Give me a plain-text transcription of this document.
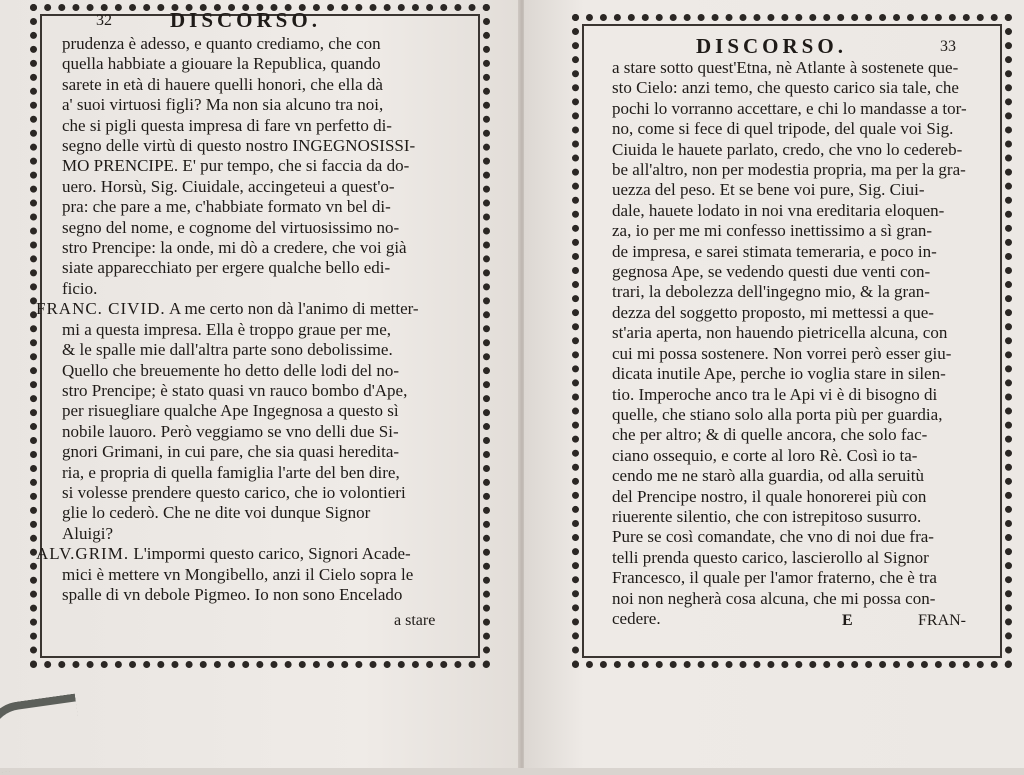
32	DISCORSO.
prudenza è adesso, e quanto crediamo, che con
quella habbiate a giouare la Republica, quando
sarete in età di hauere quelli honori, che ella dà
a' suoi virtuosi figli? Ma non sia alcuno tra noi,
che si pigli questa impresa di fare vn perfetto di-
segno delle virtù di questo nostro INGEGNOSISSI-
MO PRENCIPE. E' pur tempo, che si faccia da do-
uero. Horsù, Sig. Ciuidale, accingeteui a quest'o-
pra: che pare a me, c'habbiate formato vn bel di-
segno del nome, e cognome del virtuosissimo no-
stro Prencipe: la onde, mi dò a credere, che voi già
siate apparecchiato per ergere qualche bello edi-
ficio.
FRANC. CIVID. A me certo non dà l'animo di metter-
mi a questa impresa. Ella è troppo graue per me,
& le spalle mie dall'altra parte sono debolissime.
Quello che breuemente ho detto delle lodi del no-
stro Prencipe; è stato quasi vn rauco bombo d'Ape,
per risuegliare qualche Ape Ingegnosa a questo sì
nobile lauoro. Però veggiamo se vno delli due Si-
gnori Grimani, in cui pare, che sia quasi heredita-
ria, e propria di quella famiglia l'arte del ben dire,
si volesse prendere questo carico, che io volontieri
glie lo cederò. Che ne dite voi dunque Signor
Aluigi?
ALV.GRIM. L'impormi questo carico, Signori Acade-
mici è mettere vn Mongibello, anzi il Cielo sopra le
spalle di vn debole Pigmeo. Io non sono Encelado
a stare
DISCORSO.	33
a stare sotto quest'Etna, nè Atlante à sostenete que-
sto Cielo: anzi temo, che questo carico sia tale, che
pochi lo vorranno accettare, e chi lo mandasse a tor-
no, come si fece di quel tripode, del quale voi Sig.
Ciuida le hauete parlato, credo, che vno lo cedereb-
be all'altro, non per modestia propria, ma per la gra-
uezza del peso. Et se bene voi pure, Sig. Ciui-
dale, hauete lodato in noi vna ereditaria eloquen-
za, io per me mi confesso inettissimo a sì gran-
de impresa, e sarei stimata temeraria, e poco in-
gegnosa Ape, se vedendo questi due venti con-
trari, la debolezza dell'ingegno mio, & la gran-
dezza del soggetto proposto, mi mettessi a que-
st'aria aperta, non hauendo pietricella alcuna, con
cui mi possa sostenere. Non vorrei però esser giu-
dicata inutile Ape, perche io voglia stare in silen-
tio. Imperoche anco tra le Api vi è di bisogno di
quelle, che stiano solo alla porta più per guardia,
che per altro; & di quelle ancora, che solo fac-
ciano ossequio, e corte al loro Rè. Così io ta-
cendo me ne starò alla guardia, od alla seruitù
del Prencipe nostro, il quale honorerei più con
riuerente silentio, che con istrepitoso susurro.
Pure se così comandate, che vno di noi due fra-
telli prenda questo carico, lascierollo al Signor
Francesco, il quale per l'amor fraterno, che è tra
noi non negherà cosa alcuna, che mi possa con-
cedere.	E	FRAN-
